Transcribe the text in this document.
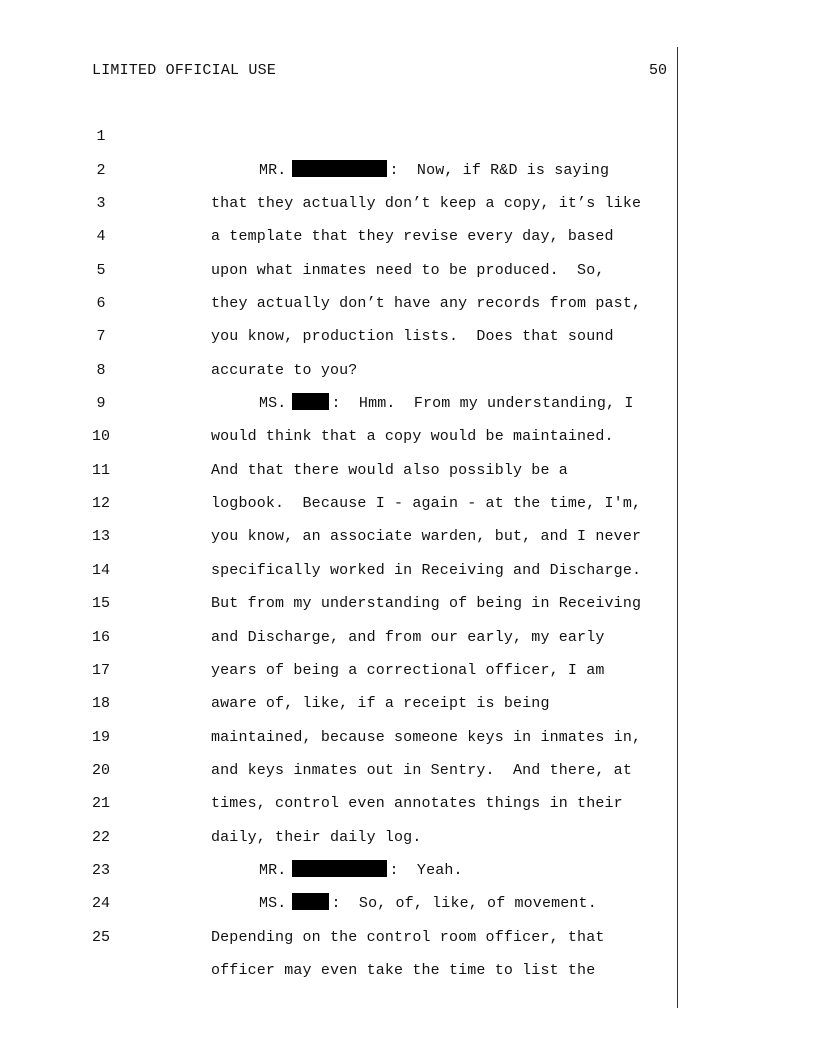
LIMITED OFFICIAL USE	50

1

MR.	:  Now, if R&D is saying

2

that they actually don’t keep a copy, it’s like

3

a template that they revise every day, based

4

upon what inmates need to be produced.  So,

5

they actually don’t have any records from past,

6

you know, production lists.  Does that sound

7

accurate to you?

8

MS.	:  Hmm.  From my understanding, I

9

would think that a copy would be maintained.

10

And that there would also possibly be a

11

logbook.  Because I - again - at the time, I'm,

12

you know, an associate warden, but, and I never

13

specifically worked in Receiving and Discharge.

14

But from my understanding of being in Receiving

15

and Discharge, and from our early, my early

16

years of being a correctional officer, I am

17

aware of, like, if a receipt is being

18

maintained, because someone keys in inmates in,

19

and keys inmates out in Sentry.  And there, at

20

times, control even annotates things in their

21

daily, their daily log.

22

MR.	:  Yeah.

23

MS.	:  So, of, like, of movement.

24

Depending on the control room officer, that

25

officer may even take the time to list the
